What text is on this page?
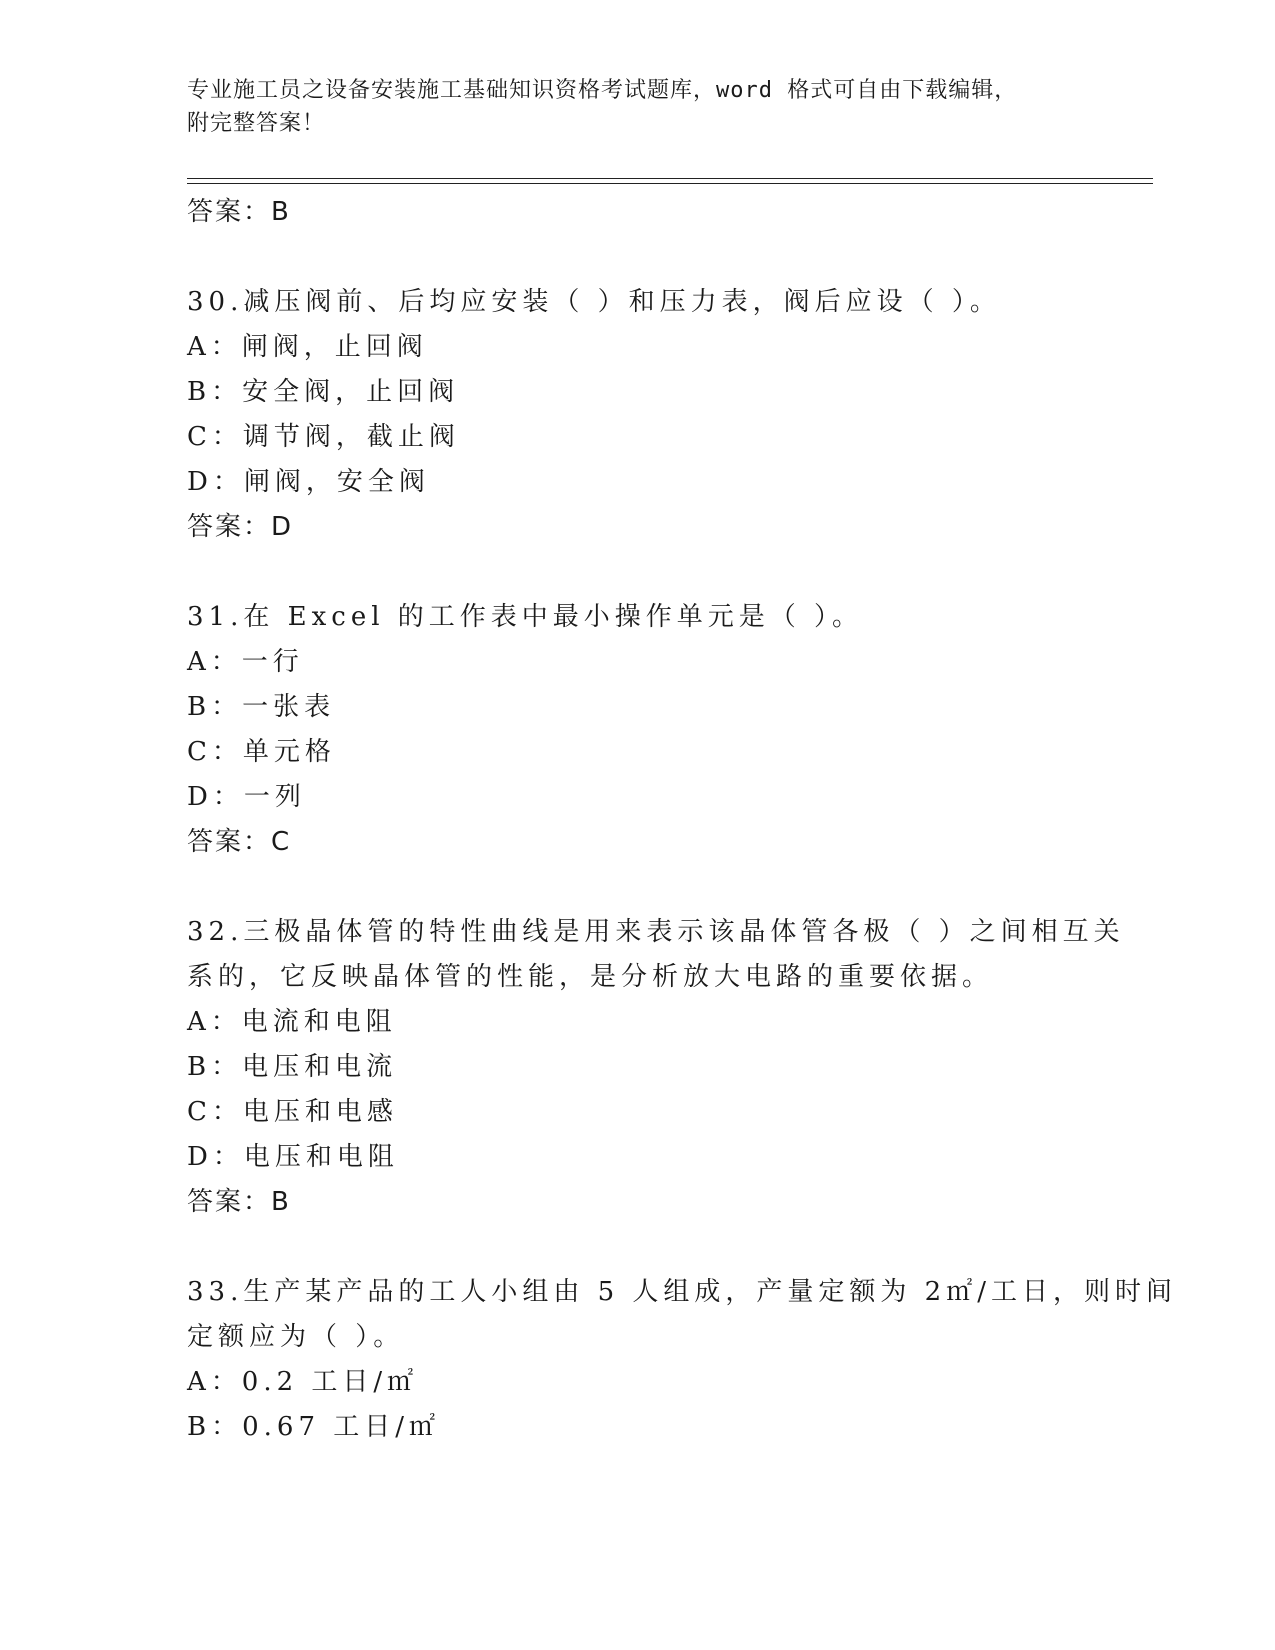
专业施工员之设备安装施工基础知识资格考试题库，word 格式可自由下载编辑，
附完整答案！
答案：B
30.减压阀前、后均应安装（ ）和压力表，阀后应设（ ）。
A：闸阀，止回阀
B：安全阀，止回阀
C：调节阀，截止阀
D：闸阀，安全阀
答案：D
31.在 Excel 的工作表中最小操作单元是（ ）。
A：一行
B：一张表
C：单元格
D：一列
答案：C
32.三极晶体管的特性曲线是用来表示该晶体管各极（ ）之间相互关
系的，它反映晶体管的性能，是分析放大电路的重要依据。
A：电流和电阻
B：电压和电流
C：电压和电感
D：电压和电阻
答案：B
33.生产某产品的工人小组由 5 人组成，产量定额为 2㎡/工日，则时间
定额应为（ ）。
A：0.2 工日/㎡
B：0.67 工日/㎡
